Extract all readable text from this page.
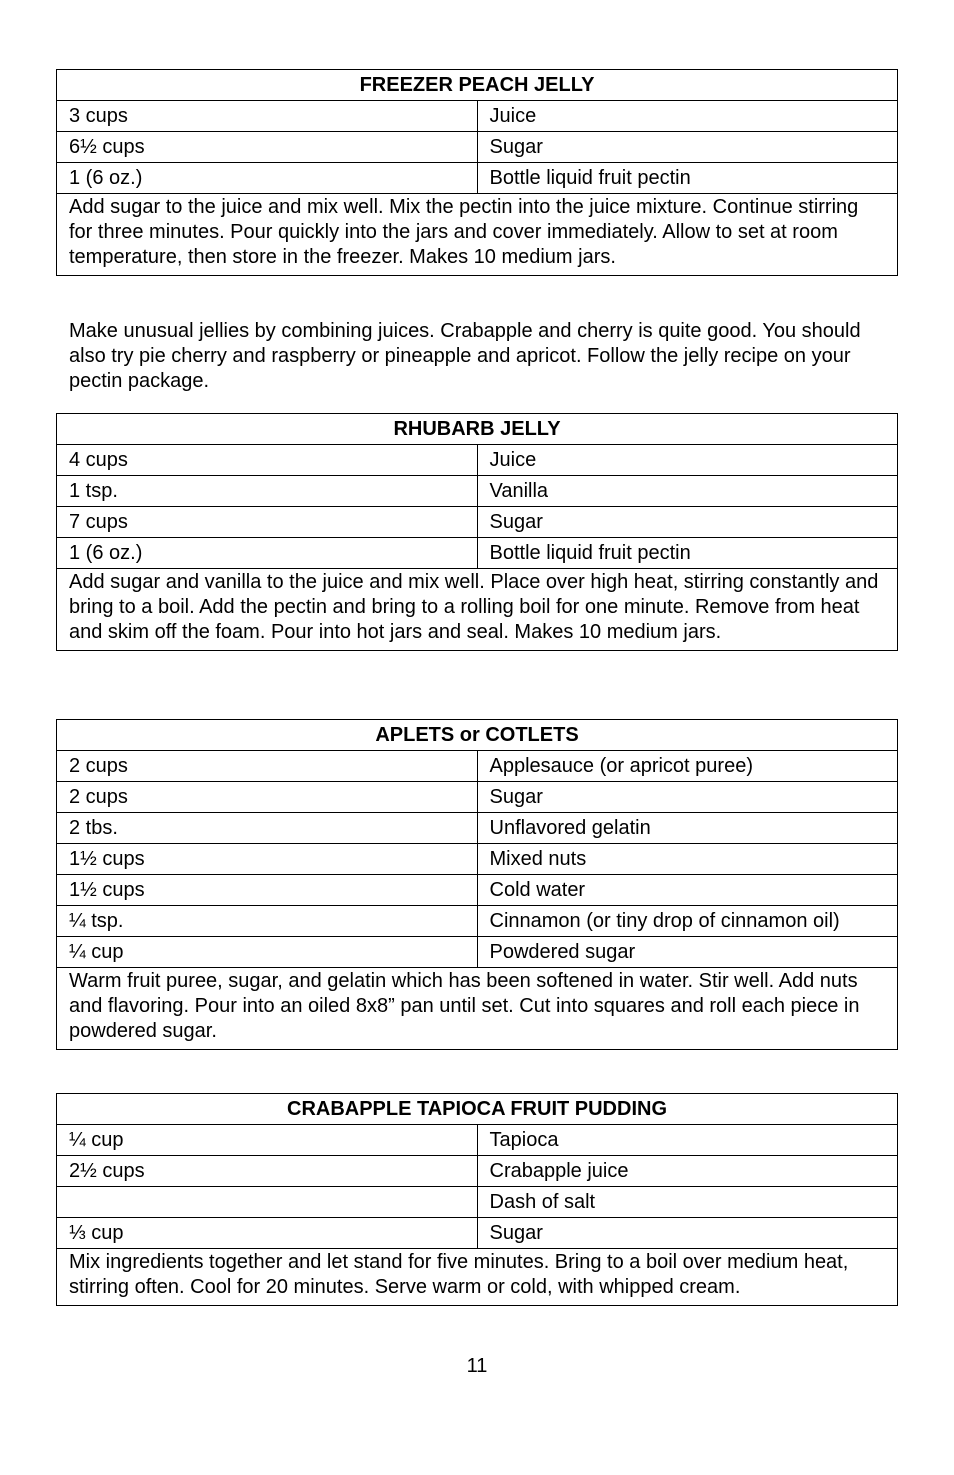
FREEZER PEACH JELLY	
3 cups	Juice
6½ cups	Sugar
1 (6 oz.)	Bottle liquid fruit pectin
Add sugar to the juice and mix well. Mix the pectin into the juice mixture. Continue stirring for three minutes. Pour quickly into the jars and cover immediately. Allow to set at room temperature, then store in the freezer. Makes 10 medium jars.	

Make unusual jellies by combining juices. Crabapple and cherry is quite good. You should also try pie cherry and raspberry or pineapple and apricot. Follow the jelly recipe on your pectin package.

RHUBARB JELLY	
4 cups	Juice
1 tsp.	Vanilla
7 cups	Sugar
1 (6 oz.)	Bottle liquid fruit pectin
Add sugar and vanilla to the juice and mix well. Place over high heat, stirring constantly and bring to a boil. Add the pectin and bring to a rolling boil for one minute. Remove from heat and skim off the foam. Pour into hot jars and seal. Makes 10 medium jars.	
APLETS or COTLETS	
2 cups	Applesauce (or apricot puree)
2 cups	Sugar
2 tbs.	Unflavored gelatin
1½ cups	Mixed nuts
1½ cups	Cold water
¼ tsp.	Cinnamon (or tiny drop of cinnamon oil)
¼ cup	Powdered sugar
Warm fruit puree, sugar, and gelatin which has been softened in water. Stir well. Add nuts and flavoring. Pour into an oiled 8x8” pan until set. Cut into squares and roll each piece in powdered sugar.	
CRABAPPLE TAPIOCA FRUIT PUDDING	
¼ cup	Tapioca
2½ cups	Crabapple juice
	Dash of salt
⅓ cup	Sugar
Mix ingredients together and let stand for five minutes. Bring to a boil over medium heat, stirring often. Cool for 20 minutes. Serve warm or cold, with whipped cream.	
11
